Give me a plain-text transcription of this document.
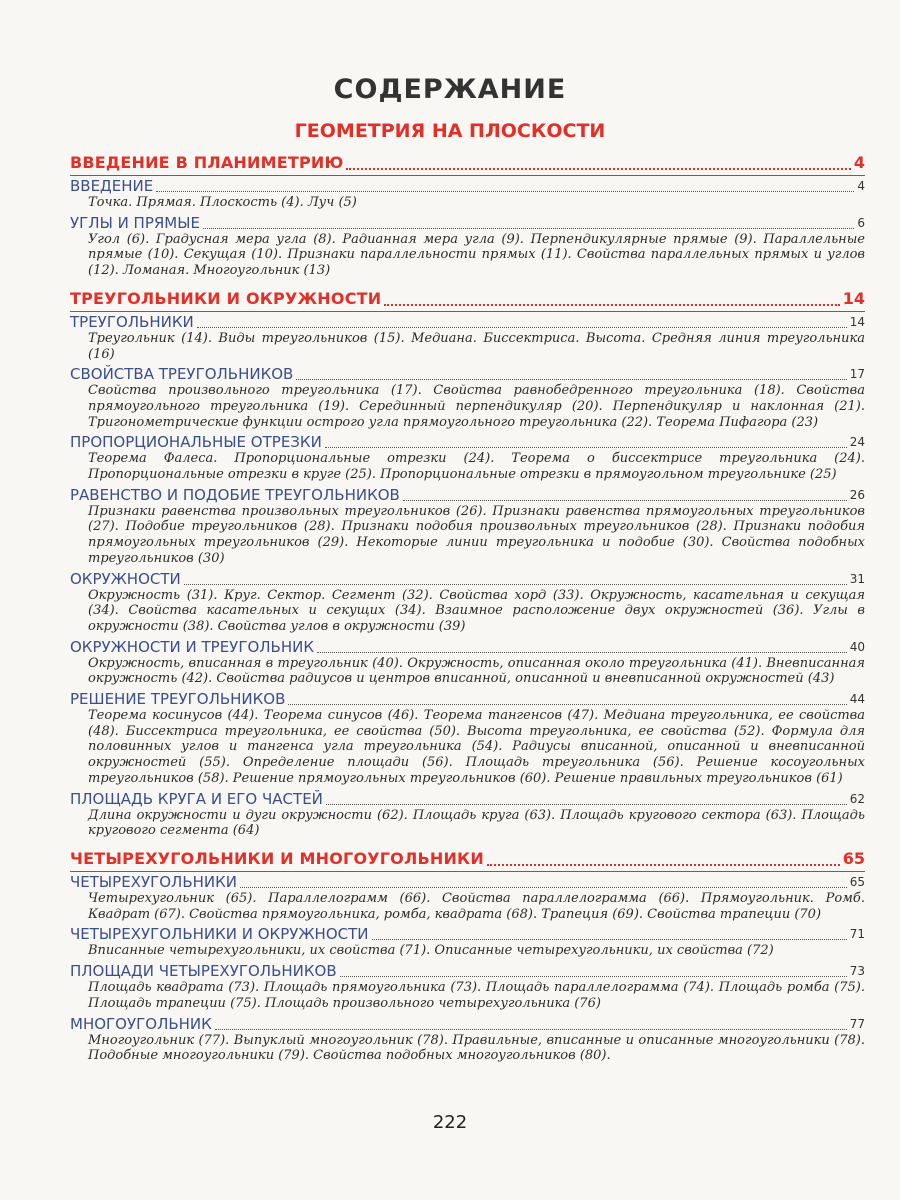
СОДЕРЖАНИЕ
ГЕОМЕТРИЯ НА ПЛОСКОСТИ
ВВЕДЕНИЕ В ПЛАНИМЕТРИЮ	4
ВВЕДЕНИЕ	4
Точка. Прямая. Плоскость (4). Луч (5)
УГЛЫ И ПРЯМЫЕ	6
Угол (6). Градусная мера угла (8). Радианная мера угла (9). Перпендикулярные прямые (9). Параллельные прямые (10). Секущая (10). Признаки параллельности прямых (11). Свойства параллельных прямых и углов (12). Ломаная. Многоугольник (13)
ТРЕУГОЛЬНИКИ И ОКРУЖНОСТИ	14
ТРЕУГОЛЬНИКИ	14
Треугольник (14). Виды треугольников (15). Медиана. Биссектриса. Высота. Средняя линия треугольника (16)
СВОЙСТВА ТРЕУГОЛЬНИКОВ	17
Свойства произвольного треугольника (17). Свойства равнобедренного треугольника (18). Свойства прямоугольного треугольника (19). Серединный перпендикуляр (20). Перпендикуляр и наклонная (21). Тригонометрические функции острого угла прямоугольного треугольника (22). Теорема Пифагора (23)
ПРОПОРЦИОНАЛЬНЫЕ ОТРЕЗКИ	24
Теорема Фалеса. Пропорциональные отрезки (24). Теорема о биссектрисе треугольника (24). Пропорциональные отрезки в круге (25). Пропорциональные отрезки в прямоугольном треугольнике (25)
РАВЕНСТВО И ПОДОБИЕ ТРЕУГОЛЬНИКОВ	26
Признаки равенства произвольных треугольников (26). Признаки равенства прямоугольных треугольников (27). Подобие треугольников (28). Признаки подобия произвольных треугольников (28). Признаки подобия прямоугольных треугольников (29). Некоторые линии треугольника и подобие (30). Свойства подобных треугольников (30)
ОКРУЖНОСТИ	31
Окружность (31). Круг. Сектор. Сегмент (32). Свойства хорд (33). Окружность, касательная и секущая (34). Свойства касательных и секущих (34). Взаимное расположение двух окружностей (36). Углы в окружности (38). Свойства углов в окружности (39)
ОКРУЖНОСТИ И ТРЕУГОЛЬНИК	40
Окружность, вписанная в треугольник (40). Окружность, описанная около треугольника (41). Вневписанная окружность (42). Свойства радиусов и центров вписанной, описанной и вневписанной окружностей (43)
РЕШЕНИЕ ТРЕУГОЛЬНИКОВ	44
Теорема косинусов (44). Теорема синусов (46). Теорема тангенсов (47). Медиана треугольника, ее свойства (48). Биссектриса треугольника, ее свойства (50). Высота треугольника, ее свойства (52). Формула для половинных углов и тангенса угла треугольника (54). Радиусы вписанной, описанной и вневписанной окружностей (55). Определение площади (56). Площадь треугольника (56). Решение косоугольных треугольников (58). Решение прямоугольных треугольников (60). Решение правильных треугольников (61)
ПЛОЩАДЬ КРУГА И ЕГО ЧАСТЕЙ	62
Длина окружности и дуги окружности (62). Площадь круга (63). Площадь кругового сектора (63). Площадь кругового сегмента (64)
ЧЕТЫРЕХУГОЛЬНИКИ И МНОГОУГОЛЬНИКИ	65
ЧЕТЫРЕХУГОЛЬНИКИ	65
Четырехугольник (65). Параллелограмм (66). Свойства параллелограмма (66). Прямоугольник. Ромб. Квадрат (67). Свойства прямоугольника, ромба, квадрата (68). Трапеция (69). Свойства трапеции (70)
ЧЕТЫРЕХУГОЛЬНИКИ И ОКРУЖНОСТИ	71
Вписанные четырехугольники, их свойства (71). Описанные четырехугольники, их свойства (72)
ПЛОЩАДИ ЧЕТЫРЕХУГОЛЬНИКОВ	73
Площадь квадрата (73). Площадь прямоугольника (73). Площадь параллелограмма (74). Площадь ромба (75). Площадь трапеции (75). Площадь произвольного четырехугольника (76)
МНОГОУГОЛЬНИК	77
Многоугольник (77). Выпуклый многоугольник (78). Правильные, вписанные и описанные многоугольники (78). Подобные многоугольники (79). Свойства подобных многоугольников (80).
222
